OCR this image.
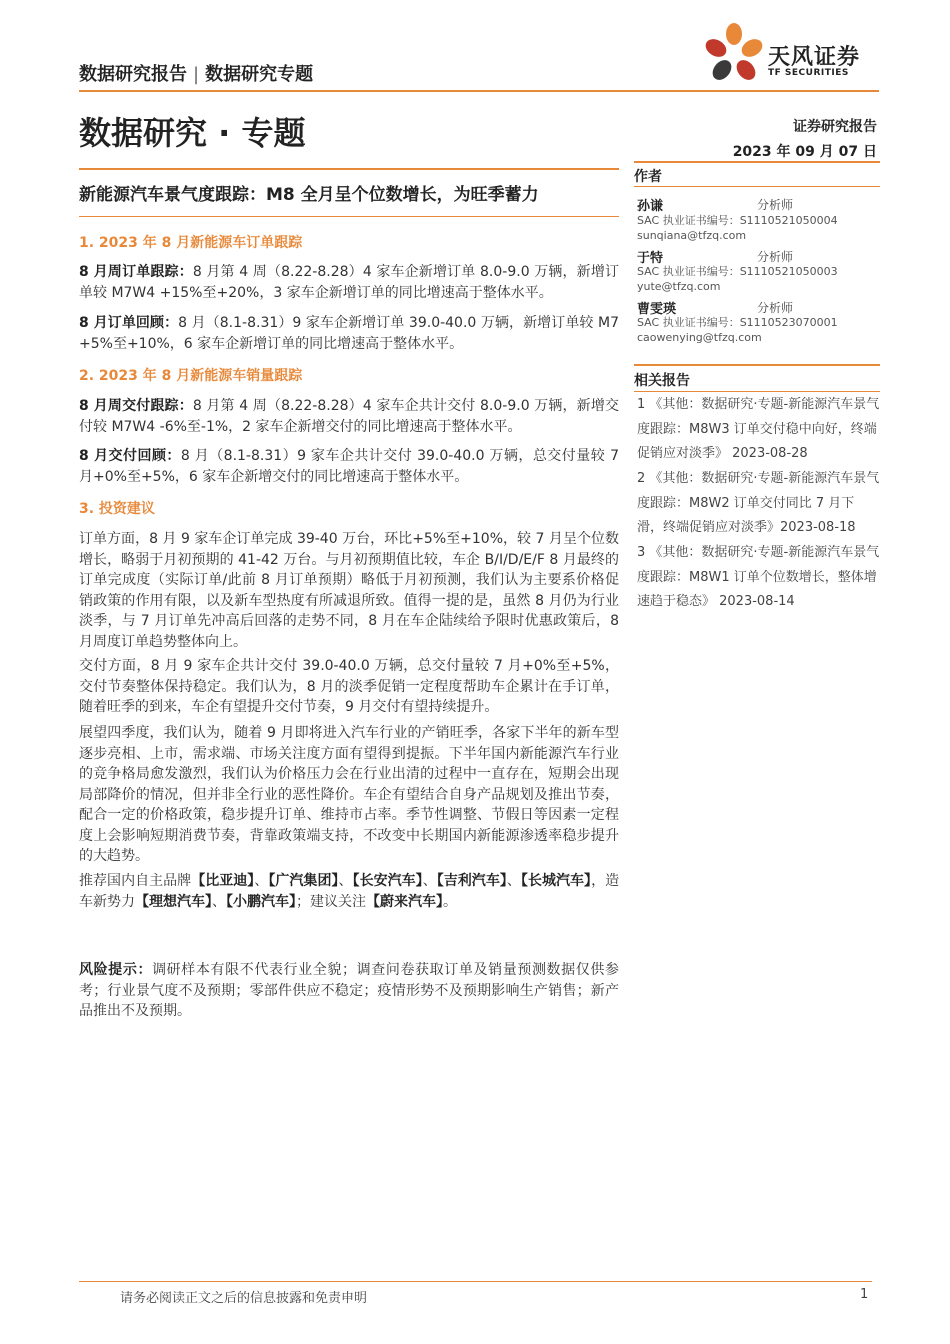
数据研究报告 | 数据研究专题
天风证券
TF SECURITIES
数据研究 · 专题	证券研究报告
2023 年 09 月 07 日
新能源汽车景气度跟踪：M8 全月呈个位数增长，为旺季蓄力
1. 2023 年 8 月新能源车订单跟踪
8 月周订单跟踪：8 月第 4 周（8.22-8.28）4 家车企新增订单 8.0-9.0 万辆，新增订单较 M7W4 +15%至+20%，3 家车企新增订单的同比增速高于整体水平。
8 月订单回顾：8 月（8.1-8.31）9 家车企新增订单 39.0-40.0 万辆，新增订单较 M7 +5%至+10%，6 家车企新增订单的同比增速高于整体水平。
2. 2023 年 8 月新能源车销量跟踪
8 月周交付跟踪：8 月第 4 周（8.22-8.28）4 家车企共计交付 8.0-9.0 万辆，新增交付较 M7W4 -6%至-1%，2 家车企新增交付的同比增速高于整体水平。
8 月交付回顾：8 月（8.1-8.31）9 家车企共计交付 39.0-40.0 万辆，总交付量较 7 月+0%至+5%，6 家车企新增交付的同比增速高于整体水平。
3. 投资建议
订单方面，8 月 9 家车企订单完成 39-40 万台，环比+5%至+10%，较 7 月呈个位数增长，略弱于月初预期的 41-42 万台。与月初预期值比较，车企 B/I/D/E/F 8 月最终的订单完成度（实际订单/此前 8 月订单预期）略低于月初预测，我们认为主要系价格促销政策的作用有限，以及新车型热度有所减退所致。值得一提的是，虽然 8 月仍为行业淡季，与 7 月订单先冲高后回落的走势不同，8 月在车企陆续给予限时优惠政策后，8 月周度订单趋势整体向上。
交付方面，8 月 9 家车企共计交付 39.0-40.0 万辆，总交付量较 7 月+0%至+5%，交付节奏整体保持稳定。我们认为，8 月的淡季促销一定程度帮助车企累计在手订单，随着旺季的到来，车企有望提升交付节奏，9 月交付有望持续提升。
展望四季度，我们认为，随着 9 月即将进入汽车行业的产销旺季，各家下半年的新车型逐步亮相、上市，需求端、市场关注度方面有望得到提振。下半年国内新能源汽车行业的竞争格局愈发激烈，我们认为价格压力会在行业出清的过程中一直存在，短期会出现局部降价的情况，但并非全行业的恶性降价。车企有望结合自身产品规划及推出节奏，配合一定的价格政策，稳步提升订单、维持市占率。季节性调整、节假日等因素一定程度上会影响短期消费节奏，背靠政策端支持，不改变中长期国内新能源渗透率稳步提升的大趋势。
推荐国内自主品牌【比亚迪】、【广汽集团】、【长安汽车】、【吉利汽车】、【长城汽车】，造车新势力【理想汽车】、【小鹏汽车】；建议关注【蔚来汽车】。
风险提示：调研样本有限不代表行业全貌；调查问卷获取订单及销量预测数据仅供参考；行业景气度不及预期；零部件供应不稳定；疫情形势不及预期影响生产销售；新产品推出不及预期。
作者
孙谦	分析师
SAC 执业证书编号：S1110521050004
sunqiana@tfzq.com
于特	分析师
SAC 执业证书编号：S1110521050003
yute@tfzq.com
曹雯瑛	分析师
SAC 执业证书编号：S1110523070001
caowenying@tfzq.com
相关报告
1 《其他：数据研究·专题-新能源汽车景气度跟踪：M8W3 订单交付稳中向好，终端促销应对淡季》 2023-08-28
2 《其他：数据研究·专题-新能源汽车景气度跟踪：M8W2 订单交付同比 7 月下滑，终端促销应对淡季》2023-08-18
3 《其他：数据研究·专题-新能源汽车景气度跟踪：M8W1 订单个位数增长，整体增速趋于稳态》 2023-08-14
请务必阅读正文之后的信息披露和免责申明	1
